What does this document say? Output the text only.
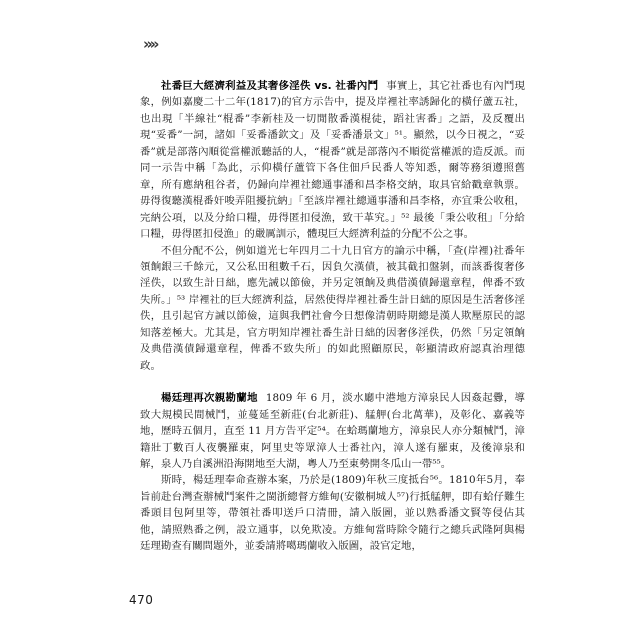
»»

社番巨大經濟利益及其奢侈淫佚 vs. 社番內鬥 事實上，其它社番也有內鬥現象，例如嘉慶二十二年(1817)的官方示告中，提及岸裡社率誘歸化的橫仔蘆五社，也出現「半線社“棍番”李新桂及一切閒散番漢棍徒，蹈社害番」之語，及反覆出現“妥番”一詞，諸如「妥番潘欽文」及「妥番潘景文」⁵¹。顯然，以今日視之，“妥番”就是部落內順從當權派聽話的人，“棍番”就是部落內不順從當權派的造反派。而同一示告中稱「為此，示仰橫仔蘆管下各住佃戶民番人等知悉，爾等務須遵照舊章，所有應納租谷者，仍歸向岸裡社總通事潘和昌李格交納，取具官給戳章執票。毋得復聽漢棍番奸唆弄阻擾抗納」「至該岸裡社總通事潘和昌李格，亦宜秉公收租，完納公項，以及分給口糧，毋得匿扣侵漁，致干革究。」⁵² 最後「秉公收租」「分給口糧，毋得匿扣侵漁」的嚴厲訓示，體現巨大經濟利益的分配不公之事。

不但分配不公，例如道光七年四月二十九日官方的論示中稱，「查(岸裡)社番年領餉銀三千餘元，又公私田租數千石，因負欠漢債，被其截扣盤剝，而該番復奢侈淫佚，以致生計日絀，應先誡以節儉，并另定領餉及典借漢債歸還章程，俾番不致失所。」⁵³ 岸裡社的巨大經濟利益，居然使得岸裡社番生計日絀的原因是生活奢侈淫佚，且引起官方誡以節儉，這與我們社會今日想像清朝時期總是漢人欺壓原民的認知落差極大。尤其是，官方明知岸裡社番生計日絀的因奢侈淫佚，仍然「另定領餉及典借漢債歸還章程，俾番不致失所」的如此照顧原民，彰顯清政府認真治理德政。

楊廷理再次親勘蘭地 1809 年 6 月，淡水廳中港地方漳泉民人因姦起釁，導致大規模民間械鬥，並蔓延至新莊(台北新莊)、艋舺(台北萬華)，及彰化、嘉義等地，歷時五個月，直至 11 月方告平定⁵⁴。在蛤瑪蘭地方，漳泉民人亦分類械鬥，漳籍壯丁數百人夜襲羅東，阿里史等眾漳人士番社內，漳人遂有羅東，及後漳泉和解，泉人乃自溪洲沿海開地至大湖，粵人乃至東勢開冬瓜山一帶⁵⁵。

斯時，楊廷理奉命查辦本案，乃於是(1809)年秋三度抵台⁵⁶。1810年5月，奉旨前赴台灣查辦械鬥案件之閩浙總督方維甸(安徽桐城人⁵⁷)行抵艋舺，即有蛤仔難生番頭目包阿里等，帶領社番叩送戶口清冊，請入版圖，並以熟番潘文賢等侵佔其他，請照熟番之例，設立通事，以免欺凌。方維甸當時除令隨行之總兵武隆阿與楊廷理勘查有關問題外，並委請將噶瑪蘭收入版圖，設官定地，

470
